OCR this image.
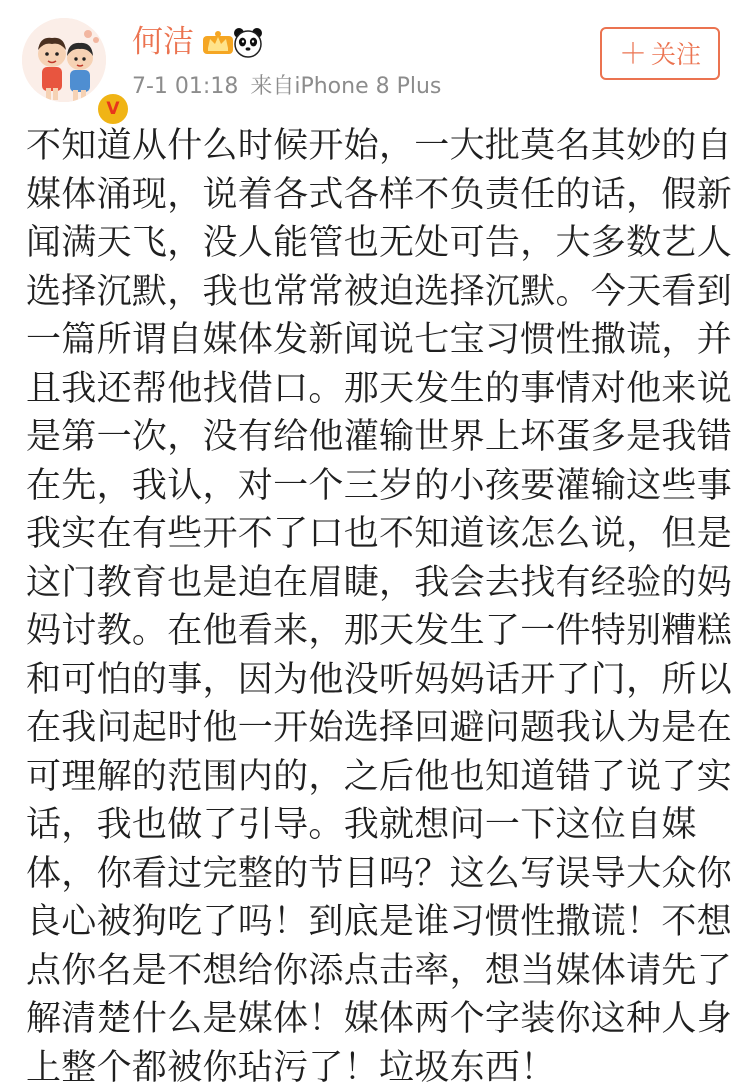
V
何洁
7-1 01:18 来自iPhone 8 Plus
＋ 关注
不知道从什么时候开始，一大批莫名其妙的自
媒体涌现，说着各式各样不负责任的话，假新
闻满天飞，没人能管也无处可告，大多数艺人
选择沉默，我也常常被迫选择沉默。今天看到
一篇所谓自媒体发新闻说七宝习惯性撒谎，并
且我还帮他找借口。那天发生的事情对他来说
是第一次，没有给他灌输世界上坏蛋多是我错
在先，我认，对一个三岁的小孩要灌输这些事
我实在有些开不了口也不知道该怎么说，但是
这门教育也是迫在眉睫，我会去找有经验的妈
妈讨教。在他看来，那天发生了一件特别糟糕
和可怕的事，因为他没听妈妈话开了门，所以
在我问起时他一开始选择回避问题我认为是在
可理解的范围内的，之后他也知道错了说了实
话，我也做了引导。我就想问一下这位自媒
体，你看过完整的节目吗？这么写误导大众你
良心被狗吃了吗！到底是谁习惯性撒谎！不想
点你名是不想给你添点击率，想当媒体请先了
解清楚什么是媒体！媒体两个字装你这种人身
上整个都被你玷污了！垃圾东西！
